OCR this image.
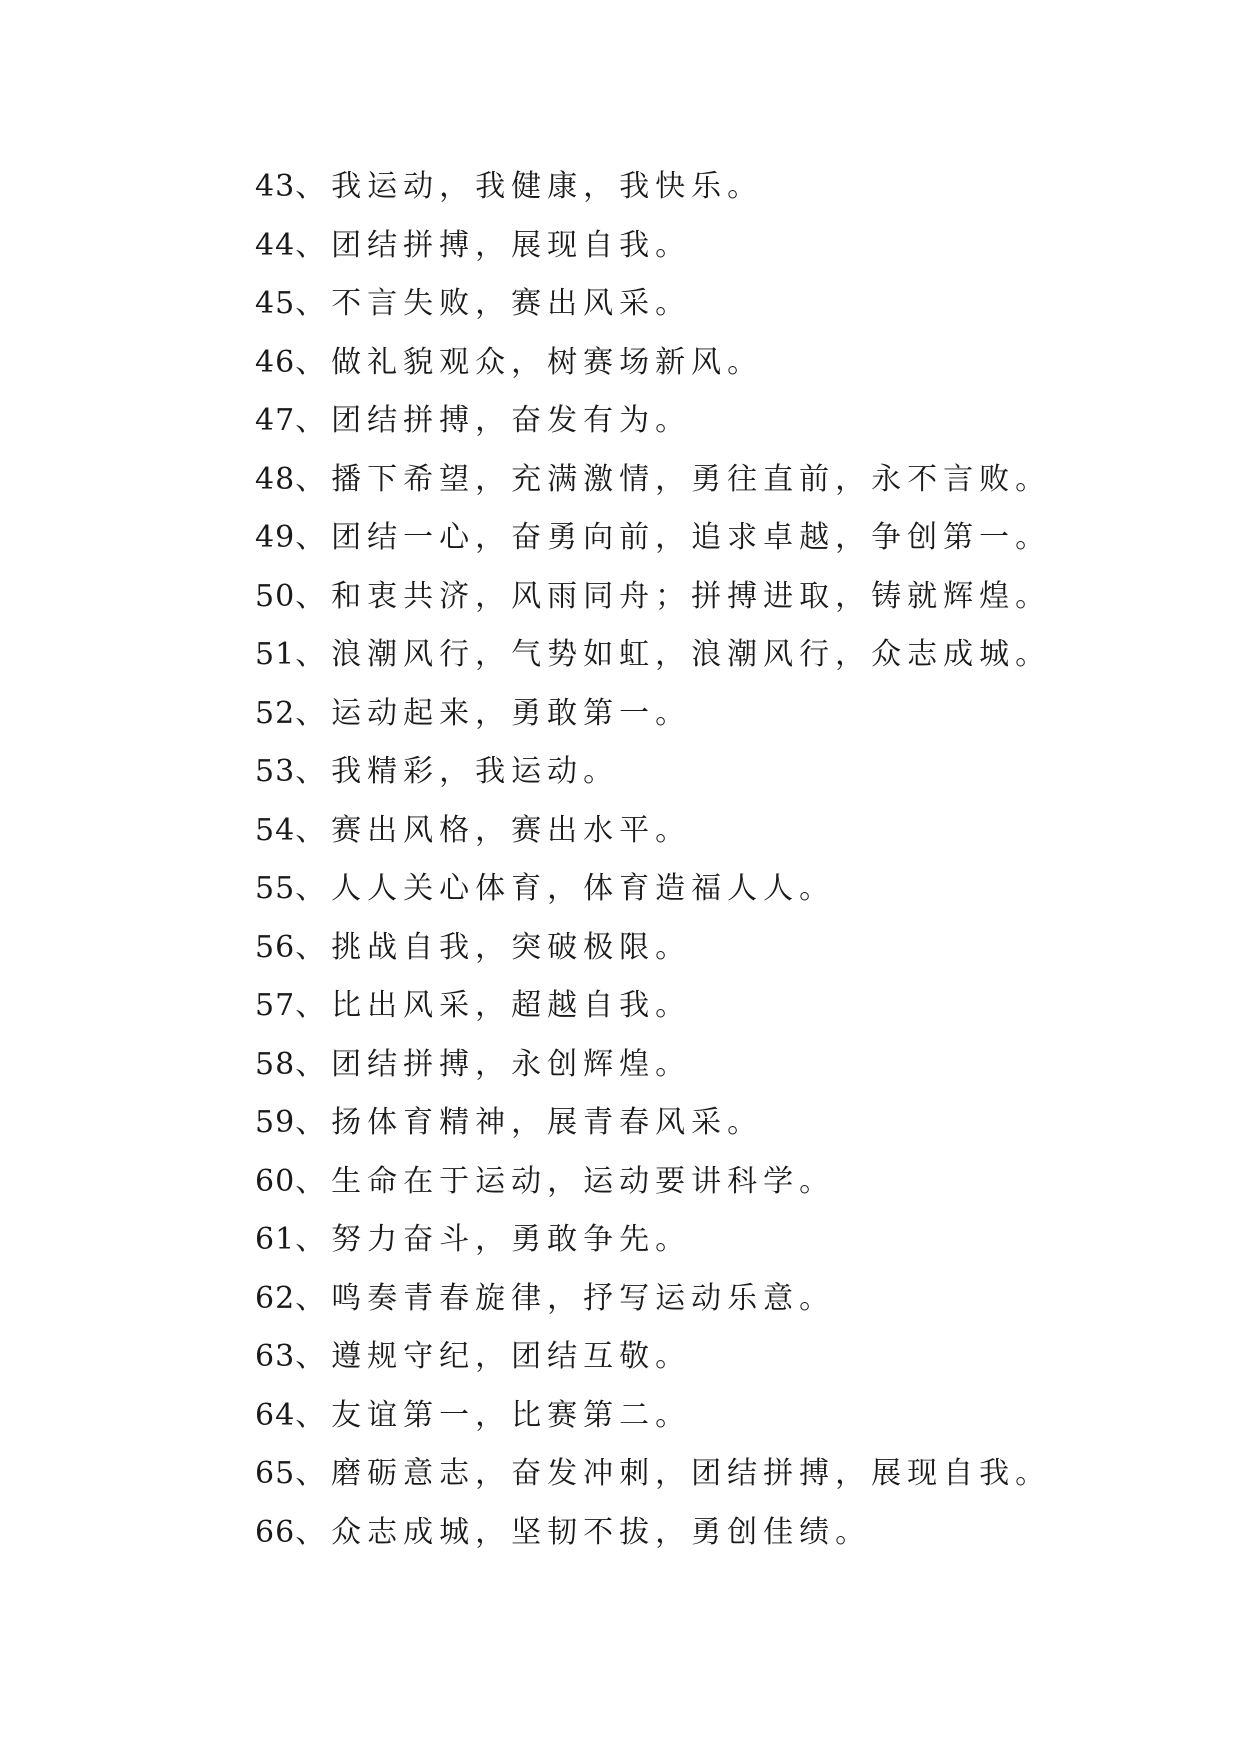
43、我运动，我健康，我快乐。
44、团结拼搏，展现自我。
45、不言失败，赛出风采。
46、做礼貌观众，树赛场新风。
47、团结拼搏，奋发有为。
48、播下希望，充满激情，勇往直前，永不言败。
49、团结一心，奋勇向前，追求卓越，争创第一。
50、和衷共济，风雨同舟；拼搏进取，铸就辉煌。
51、浪潮风行，气势如虹，浪潮风行，众志成城。
52、运动起来，勇敢第一。
53、我精彩，我运动。
54、赛出风格，赛出水平。
55、人人关心体育，体育造福人人。
56、挑战自我，突破极限。
57、比出风采，超越自我。
58、团结拼搏，永创辉煌。
59、扬体育精神，展青春风采。
60、生命在于运动，运动要讲科学。
61、努力奋斗，勇敢争先。
62、鸣奏青春旋律，抒写运动乐意。
63、遵规守纪，团结互敬。
64、友谊第一，比赛第二。
65、磨砺意志，奋发冲刺，团结拼搏，展现自我。
66、众志成城，坚韧不拔，勇创佳绩。
